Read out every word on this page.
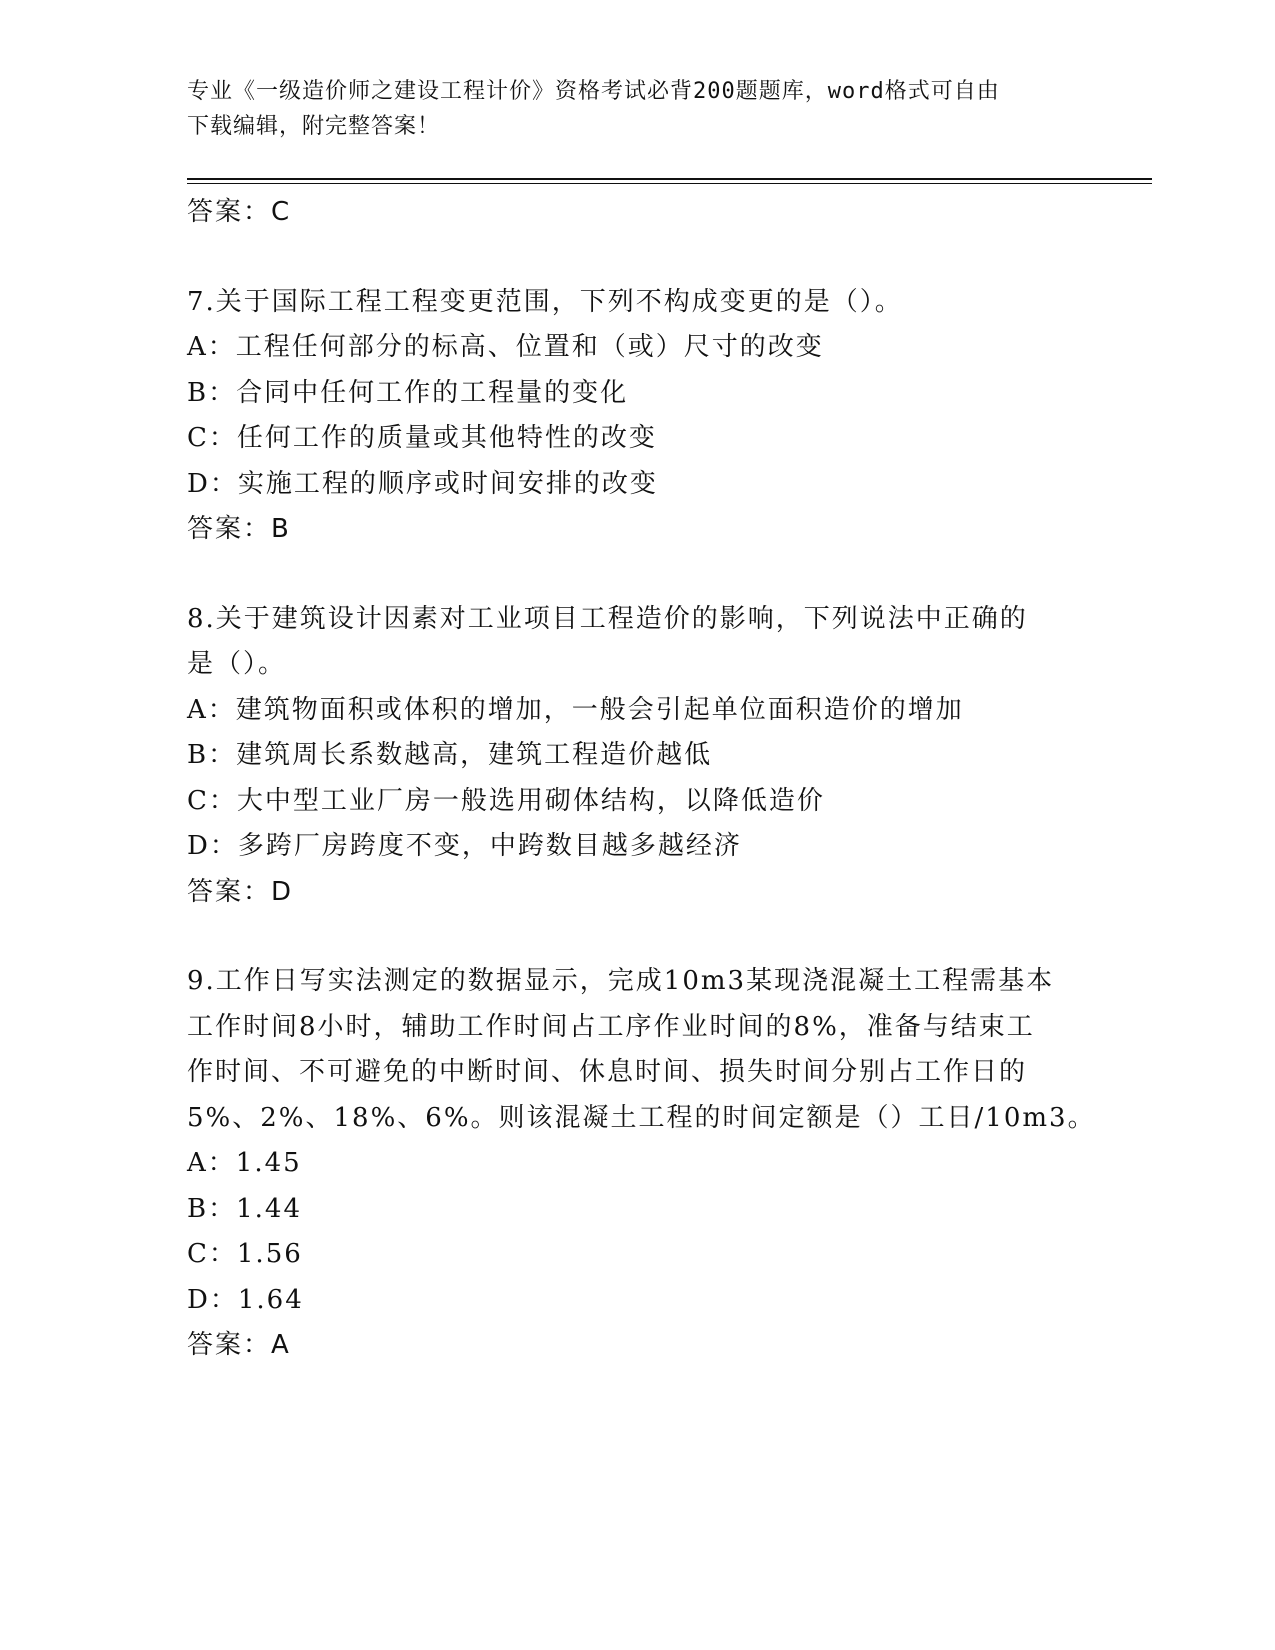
专业《一级造价师之建设工程计价》资格考试必背200题题库，word格式可自由
下载编辑，附完整答案！
答案：C
7.关于国际工程工程变更范围，下列不构成变更的是（）。
A：工程任何部分的标高、位置和（或）尺寸的改变
B：合同中任何工作的工程量的变化
C：任何工作的质量或其他特性的改变
D：实施工程的顺序或时间安排的改变
答案：B
8.关于建筑设计因素对工业项目工程造价的影响，下列说法中正确的
是（）。
A：建筑物面积或体积的增加，一般会引起单位面积造价的增加
B：建筑周长系数越高，建筑工程造价越低
C：大中型工业厂房一般选用砌体结构，以降低造价
D：多跨厂房跨度不变，中跨数目越多越经济
答案：D
9.工作日写实法测定的数据显示，完成10m3某现浇混凝土工程需基本
工作时间8小时，辅助工作时间占工序作业时间的8%，准备与结束工
作时间、不可避免的中断时间、休息时间、损失时间分别占工作日的
5%、2%、18%、6%。则该混凝土工程的时间定额是（）工日/10m3。
A：1.45
B：1.44
C：1.56
D：1.64
答案：A
